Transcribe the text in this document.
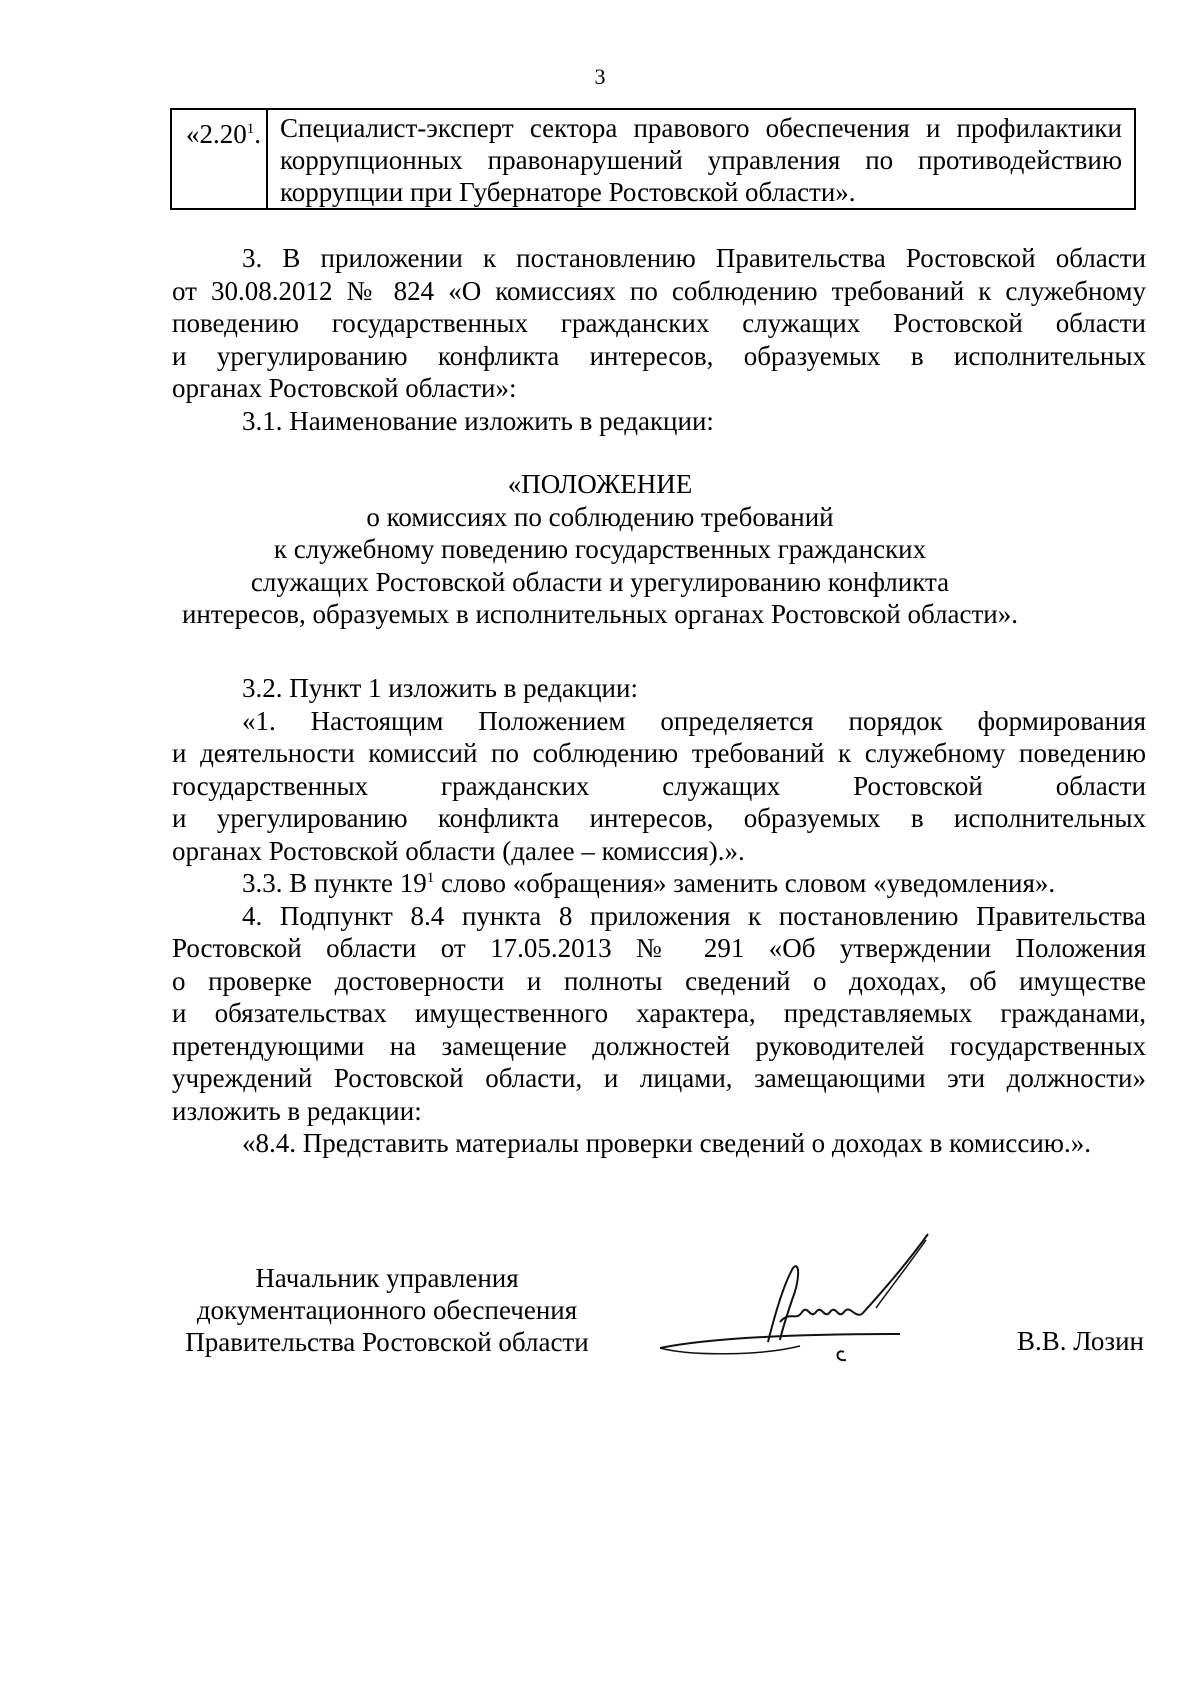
3
«2.20$^1$. Специалист-эксперт сектора правового обеспечения и профилактики
коррупционных правонарушений управления по противодействию
коррупции при Губернаторе Ростовской области».
3. В приложении к постановлению Правительства Ростовской области
от 30.08.2012 № 824 «О комиссиях по соблюдению требований к служебному
поведению государственных гражданских служащих Ростовской области
и урегулированию конфликта интересов, образуемых в исполнительных
органах Ростовской области»:
3.1. Наименование изложить в редакции:
«ПОЛОЖЕНИЕ
о комиссиях по соблюдению требований
к служебному поведению государственных гражданских
служащих Ростовской области и урегулированию конфликта
интересов, образуемых в исполнительных органах Ростовской области».
3.2. Пункт 1 изложить в редакции:
«1. Настоящим Положением определяется порядок формирования
и деятельности комиссий по соблюдению требований к служебному поведению
государственных гражданских служащих Ростовской области
и урегулированию конфликта интересов, образуемых в исполнительных
органах Ростовской области (далее – комиссия).».
3.3. В пункте $19^1$ слово «обращения» заменить словом «уведомления».
4. Подпункт 8.4 пункта 8 приложения к постановлению Правительства
Ростовской области от 17.05.2013 № 291 «Об утверждении Положения
о проверке достоверности и полноты сведений о доходах, об имуществе
и обязательствах имущественного характера, представляемых гражданами,
претендующими на замещение должностей руководителей государственных
учреждений Ростовской области, и лицами, замещающими эти должности»
изложить в редакции:
«8.4. Представить материалы проверки сведений о доходах в комиссию.».
Начальник управления
документационного обеспечения
Правительства Ростовской области	В.В. Лозин
